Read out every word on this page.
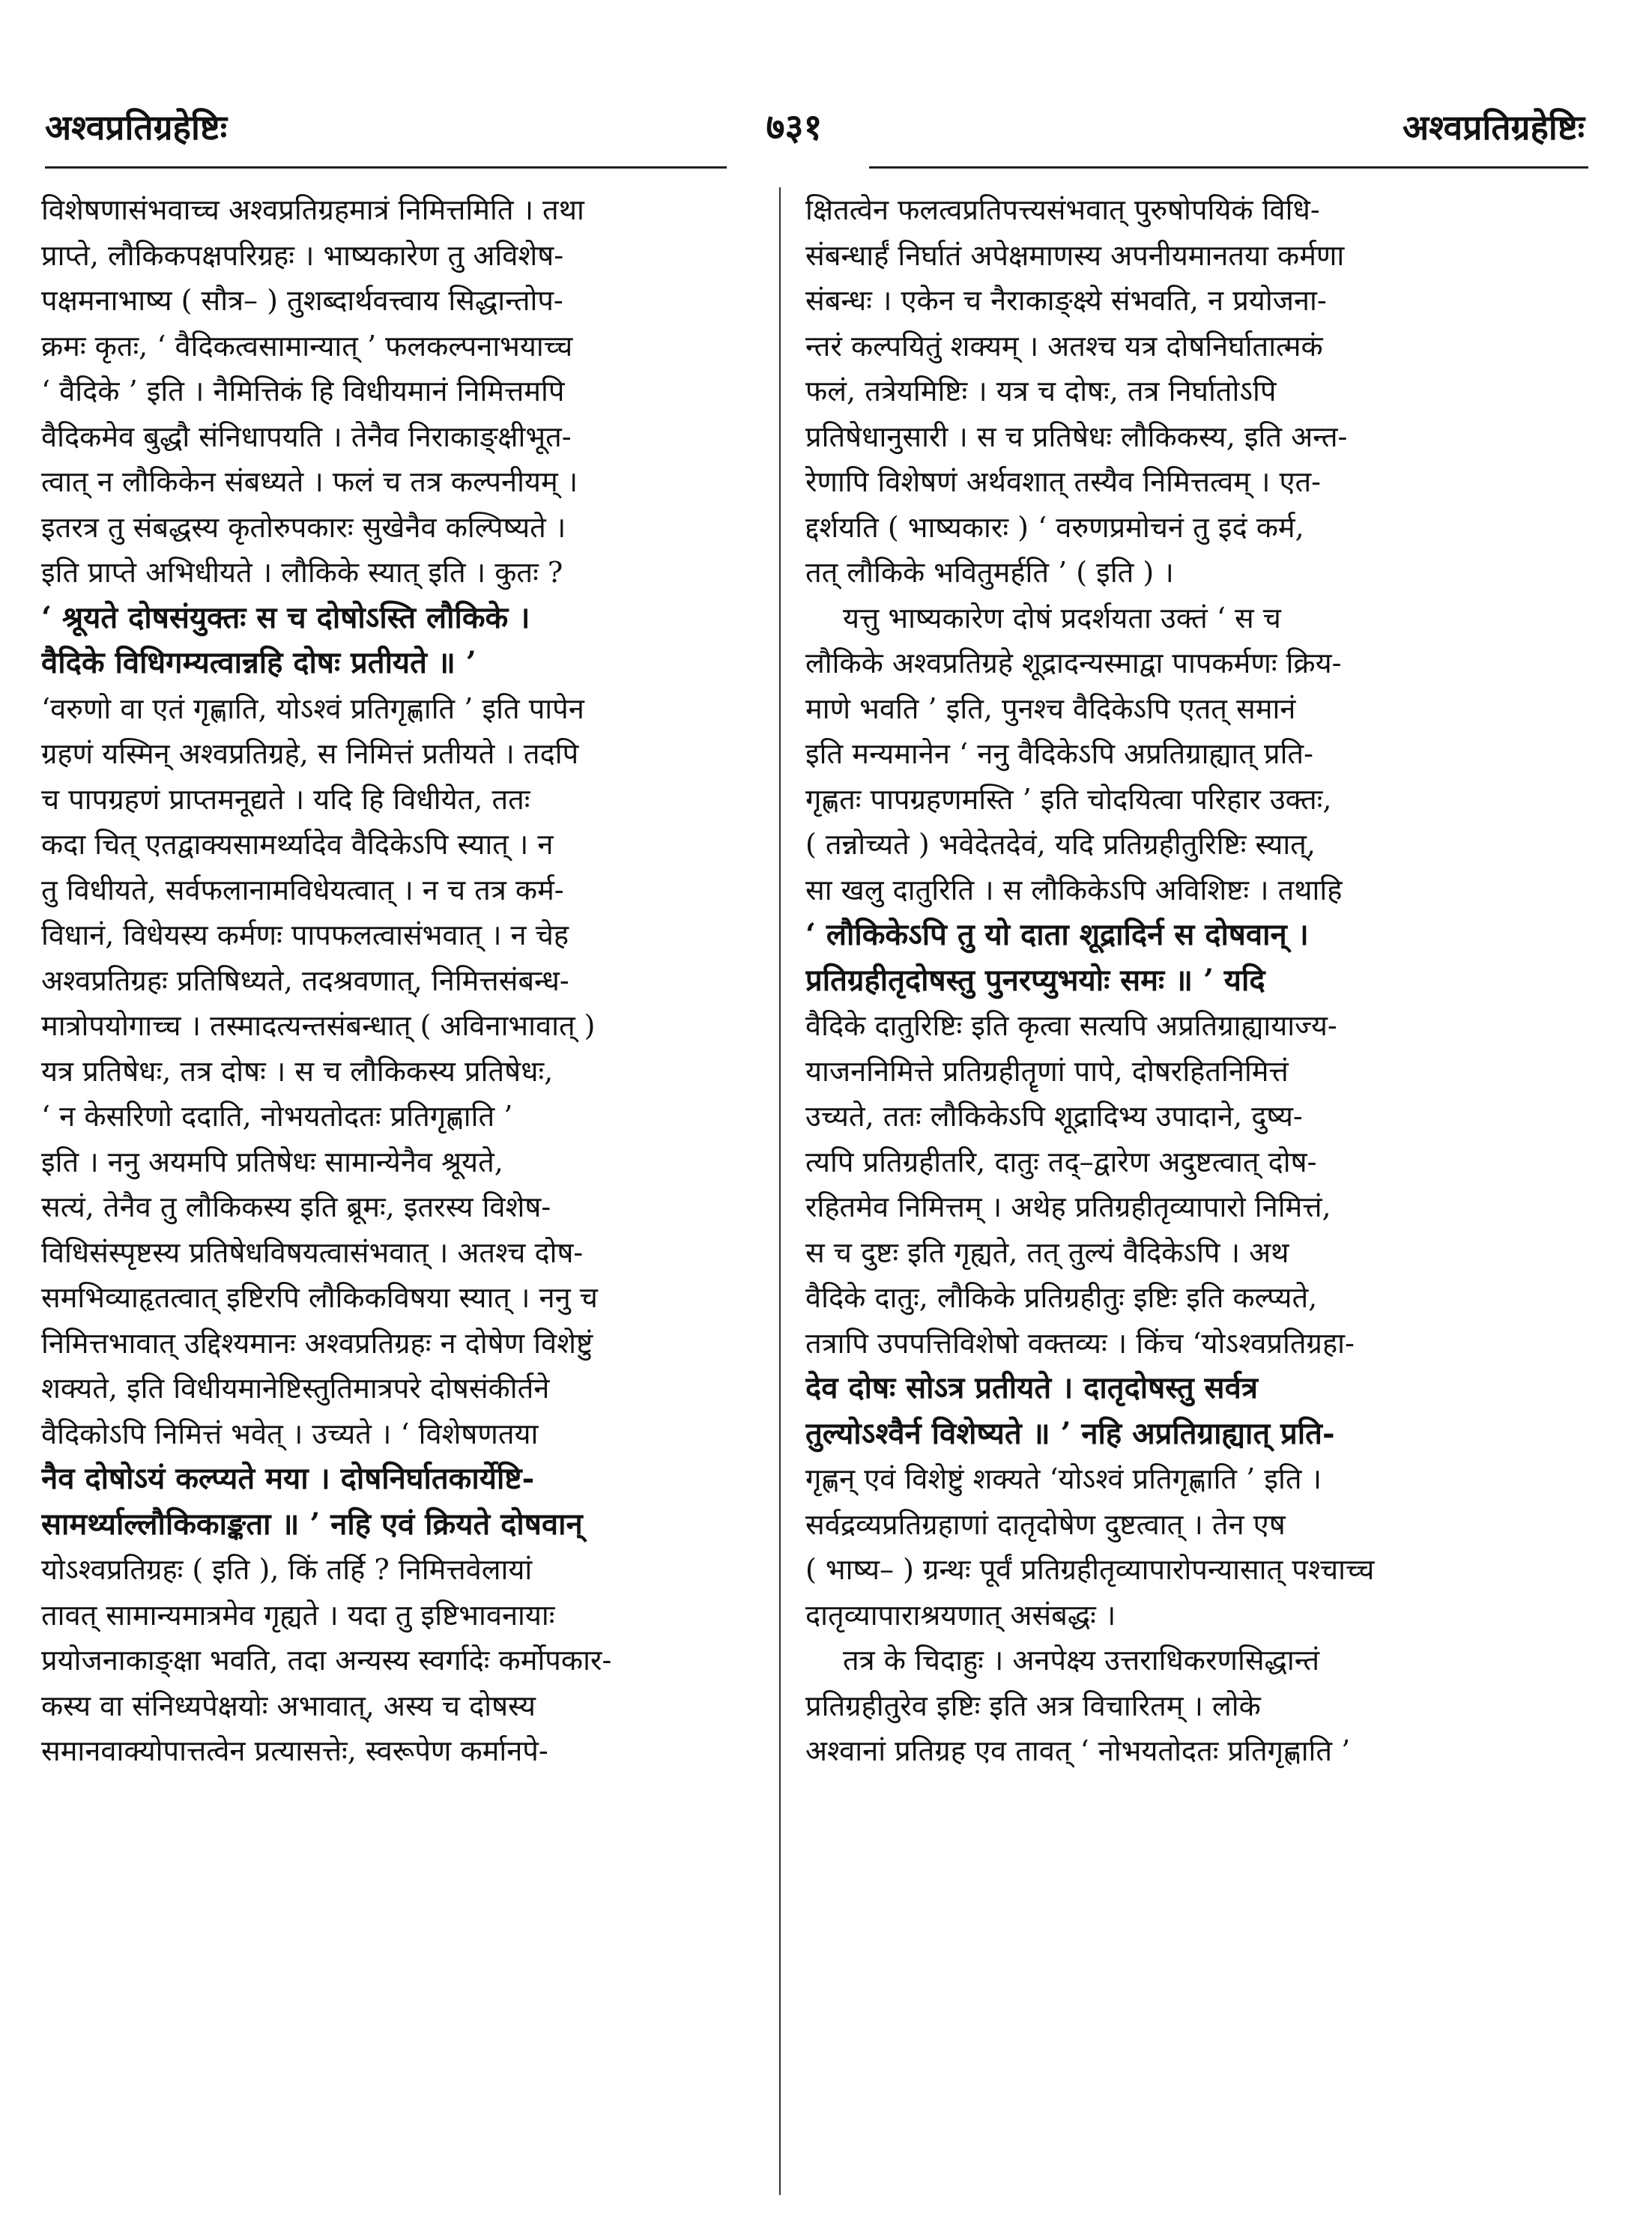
अश्वप्रतिग्रहेष्टिः	७३१	अश्वप्रतिग्रहेष्टिः
विशेषणासंभवाच्च अश्वप्रतिग्रहमात्रं निमित्तमिति । तथा
प्राप्ते, लौकिकपक्षपरिग्रहः । भाष्यकारेण तु अविशेष-
पक्षमनाभाष्य ( सौत्र– ) तुशब्दार्थवत्त्वाय सिद्धान्तोप-
क्रमः कृतः, ‘ वैदिकत्वसामान्यात् ’ फलकल्पनाभयाच्च
‘ वैदिके ’ इति । नैमित्तिकं हि विधीयमानं निमित्तमपि
वैदिकमेव बुद्धौ संनिधापयति । तेनैव निराकाङ्क्षीभूत-
त्वात् न लौकिकेन संबध्यते । फलं च तत्र कल्पनीयम् ।
इतरत्र तु संबद्धस्य कृतोरुपकारः सुखेनैव कल्पिष्यते ।
इति प्राप्ते अभिधीयते । लौकिके स्यात् इति । कुतः ?
‘ श्रूयते दोषसंयुक्तः स च दोषोऽस्ति लौकिके ।
वैदिके विधिगम्यत्वान्नहि दोषः प्रतीयते ॥ ’
‘वरुणो वा एतं गृह्णाति, योऽश्वं प्रतिगृह्णाति ’ इति पापेन
ग्रहणं यस्मिन् अश्वप्रतिग्रहे, स निमित्तं प्रतीयते । तदपि
च पापग्रहणं प्राप्तमनूद्यते । यदि हि विधीयेत, ततः
कदा चित् एतद्वाक्यसामर्थ्यादेव वैदिकेऽपि स्यात् । न
तु विधीयते, सर्वफलानामविधेयत्वात् । न च तत्र कर्म-
विधानं, विधेयस्य कर्मणः पापफलत्वासंभवात् । न चेह
अश्वप्रतिग्रहः प्रतिषिध्यते, तदश्रवणात्, निमित्तसंबन्ध-
मात्रोपयोगाच्च । तस्मादत्यन्तसंबन्धात् ( अविनाभावात् )
यत्र प्रतिषेधः, तत्र दोषः । स च लौकिकस्य प्रतिषेधः,
‘ न केसरिणो ददाति, नोभयतोदतः प्रतिगृह्णाति ’
इति । ननु अयमपि प्रतिषेधः सामान्येनैव श्रूयते,
सत्यं, तेनैव तु लौकिकस्य इति ब्रूमः, इतरस्य विशेष-
विधिसंस्पृष्टस्य प्रतिषेधविषयत्वासंभवात् । अतश्च दोष-
समभिव्याहृतत्वात् इष्टिरपि लौकिकविषया स्यात् । ननु च
निमित्तभावात् उद्दिश्यमानः अश्वप्रतिग्रहः न दोषेण विशेष्टुं
शक्यते, इति विधीयमानेष्टिस्तुतिमात्रपरे दोषसंकीर्तने
वैदिकोऽपि निमित्तं भवेत् । उच्यते । ‘ विशेषणतया
नैव दोषोऽयं कल्प्यते मया । दोषनिर्घातकार्येष्टि-
सामर्थ्याल्लौकिकाङ्कता ॥ ’ नहि एवं क्रियते दोषवान्
योऽश्वप्रतिग्रहः ( इति ), किं तर्हि ? निमित्तवेलायां
तावत् सामान्यमात्रमेव गृह्यते । यदा तु इष्टिभावनायाः
प्रयोजनाकाङ्क्षा भवति, तदा अन्यस्य स्वर्गादेः कर्मोपकार-
कस्य वा संनिध्यपेक्षयोः अभावात्, अस्य च दोषस्य
समानवाक्योपात्तत्वेन प्रत्यासत्तेः, स्वरूपेण कर्मानपे-
क्षितत्वेन फलत्वप्रतिपत्त्यसंभवात् पुरुषोपयिकं विधि-
संबन्धार्हं निर्घातं अपेक्षमाणस्य अपनीयमानतया कर्मणा
संबन्धः । एकेन च नैराकाङ्क्ष्ये संभवति, न प्रयोजना-
न्तरं कल्पयितुं शक्यम् । अतश्च यत्र दोषनिर्घातात्मकं
फलं, तत्रेयमिष्टिः । यत्र च दोषः, तत्र निर्घातोऽपि
प्रतिषेधानुसारी । स च प्रतिषेधः लौकिकस्य, इति अन्त-
रेणापि विशेषणं अर्थवशात् तस्यैव निमित्तत्वम् । एत-
द्दर्शयति ( भाष्यकारः ) ‘ वरुणप्रमोचनं तु इदं कर्म,
तत् लौकिके भवितुमर्हति ’ ( इति ) ।
यत्तु भाष्यकारेण दोषं प्रदर्शयता उक्तं ‘ स च
लौकिके अश्वप्रतिग्रहे शूद्रादन्यस्माद्वा पापकर्मणः क्रिय-
माणे भवति ’ इति, पुनश्च वैदिकेऽपि एतत् समानं
इति मन्यमानेन ‘ ननु वैदिकेऽपि अप्रतिग्राह्यात् प्रति-
गृह्णतः पापग्रहणमस्ति ’ इति चोदयित्वा परिहार उक्तः,
( तन्नोच्यते ) भवेदेतदेवं, यदि प्रतिग्रहीतुरिष्टिः स्यात्,
सा खलु दातुरिति । स लौकिकेऽपि अविशिष्टः । तथाहि
‘ लौकिकेऽपि तु यो दाता शूद्रादिर्न स दोषवान् ।
प्रतिग्रहीतृदोषस्तु पुनरप्युभयोः समः ॥ ’ यदि
वैदिके दातुरिष्टिः इति कृत्वा सत्यपि अप्रतिग्राह्यायाज्य-
याजननिमित्ते प्रतिग्रहीतॄणां पापे, दोषरहितनिमित्तं
उच्यते, ततः लौकिकेऽपि शूद्रादिभ्य उपादाने, दुष्य-
त्यपि प्रतिग्रहीतरि, दातुः तद्–द्वारेण अदुष्टत्वात् दोष-
रहितमेव निमित्तम् । अथेह प्रतिग्रहीतृव्यापारो निमित्तं,
स च दुष्टः इति गृह्यते, तत् तुल्यं वैदिकेऽपि । अथ
वैदिके दातुः, लौकिके प्रतिग्रहीतुः इष्टिः इति कल्प्यते,
तत्रापि उपपत्तिविशेषो वक्तव्यः । किंच ‘योऽश्वप्रतिग्रहा-
देव दोषः सोऽत्र प्रतीयते । दातृदोषस्तु सर्वत्र
तुल्योऽश्वैर्न विशेष्यते ॥ ’ नहि अप्रतिग्राह्यात् प्रति-
गृह्णन् एवं विशेष्टुं शक्यते ‘योऽश्वं प्रतिगृह्णाति ’ इति ।
सर्वद्रव्यप्रतिग्रहाणां दातृदोषेण दुष्टत्वात् । तेन एष
( भाष्य– ) ग्रन्थः पूर्वं प्रतिग्रहीतृव्यापारोपन्यासात् पश्चाच्च
दातृव्यापाराश्रयणात् असंबद्धः ।
तत्र के चिदाहुः । अनपेक्ष्य उत्तराधिकरणसिद्धान्तं
प्रतिग्रहीतुरेव इष्टिः इति अत्र विचारितम् । लोके
अश्वानां प्रतिग्रह एव तावत् ‘ नोभयतोदतः प्रतिगृह्णाति ’
